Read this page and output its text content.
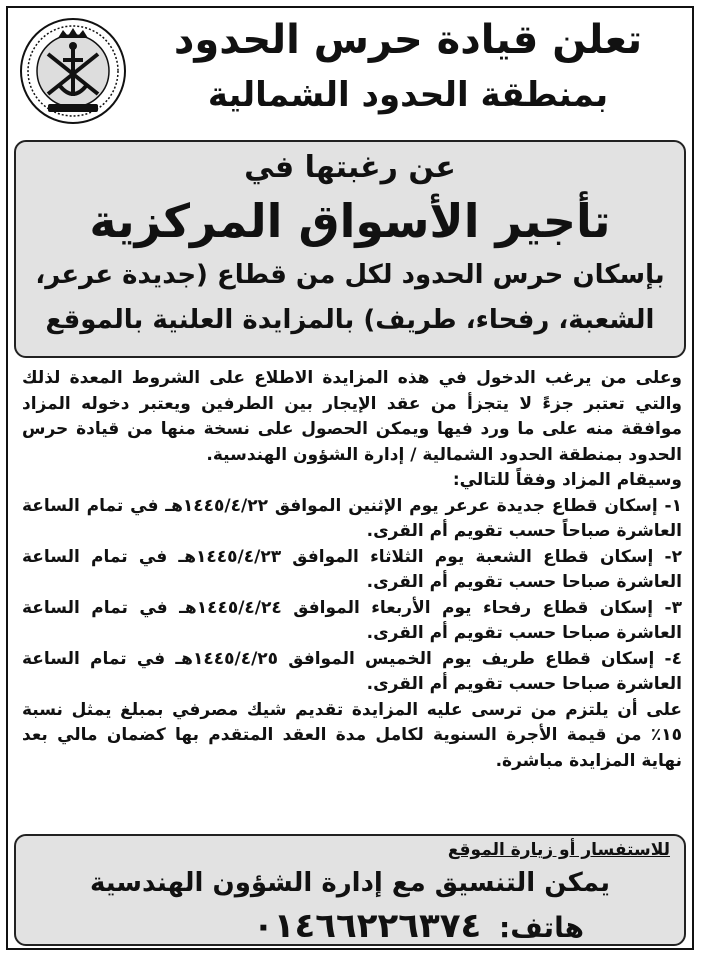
تعلن قيادة حرس الحدود
بمنطقة الحدود الشمالية
عن رغبتها في
تأجير الأسواق المركزية
بإسكان حرس الحدود لكل من قطاع (جديدة عرعر،
الشعبة، رفحاء، طريف) بالمزايدة العلنية بالموقع

وعلى من يرغب الدخول في هذه المزايدة الاطلاع على الشروط المعدة لذلك والتي تعتبر جزءً لا يتجزأ من عقد الإيجار بين الطرفين ويعتبر دخوله المزاد موافقة منه على ما ورد فيها ويمكن الحصول على نسخة منها من قيادة حرس الحدود بمنطقة الحدود الشمالية / إدارة الشؤون الهندسية.

وسيقام المزاد وفقاً للتالي:

١- إسكان قطاع جديدة عرعر يوم الإثنين الموافق ١٤٤٥/٤/٢٢هـ في تمام الساعة العاشرة صباحاً حسب تقويم أم القرى.

٢- إسكان قطاع الشعبة يوم الثلاثاء الموافق ١٤٤٥/٤/٢٣هـ في تمام الساعة العاشرة صباحا حسب تقويم أم القرى.

٣- إسكان قطاع رفحاء يوم الأربعاء الموافق ١٤٤٥/٤/٢٤هـ في تمام الساعة العاشرة صباحا حسب تقويم أم القرى.

٤- إسكان قطاع طريف يوم الخميس الموافق ١٤٤٥/٤/٢٥هـ في تمام الساعة العاشرة صباحا حسب تقويم أم القرى.

على أن يلتزم من ترسى عليه المزايدة تقديم شيك مصرفي بمبلغ يمثل نسبة ١٥٪ من قيمة الأجرة السنوية لكامل مدة العقد المتقدم بها كضمان مالي بعد نهاية المزايدة مباشرة.

للاستفسار أو زيارة الموقع
يمكن التنسيق مع إدارة الشؤون الهندسية
هاتف: ٠١٤٦٦٢٢٦٣٧٤
